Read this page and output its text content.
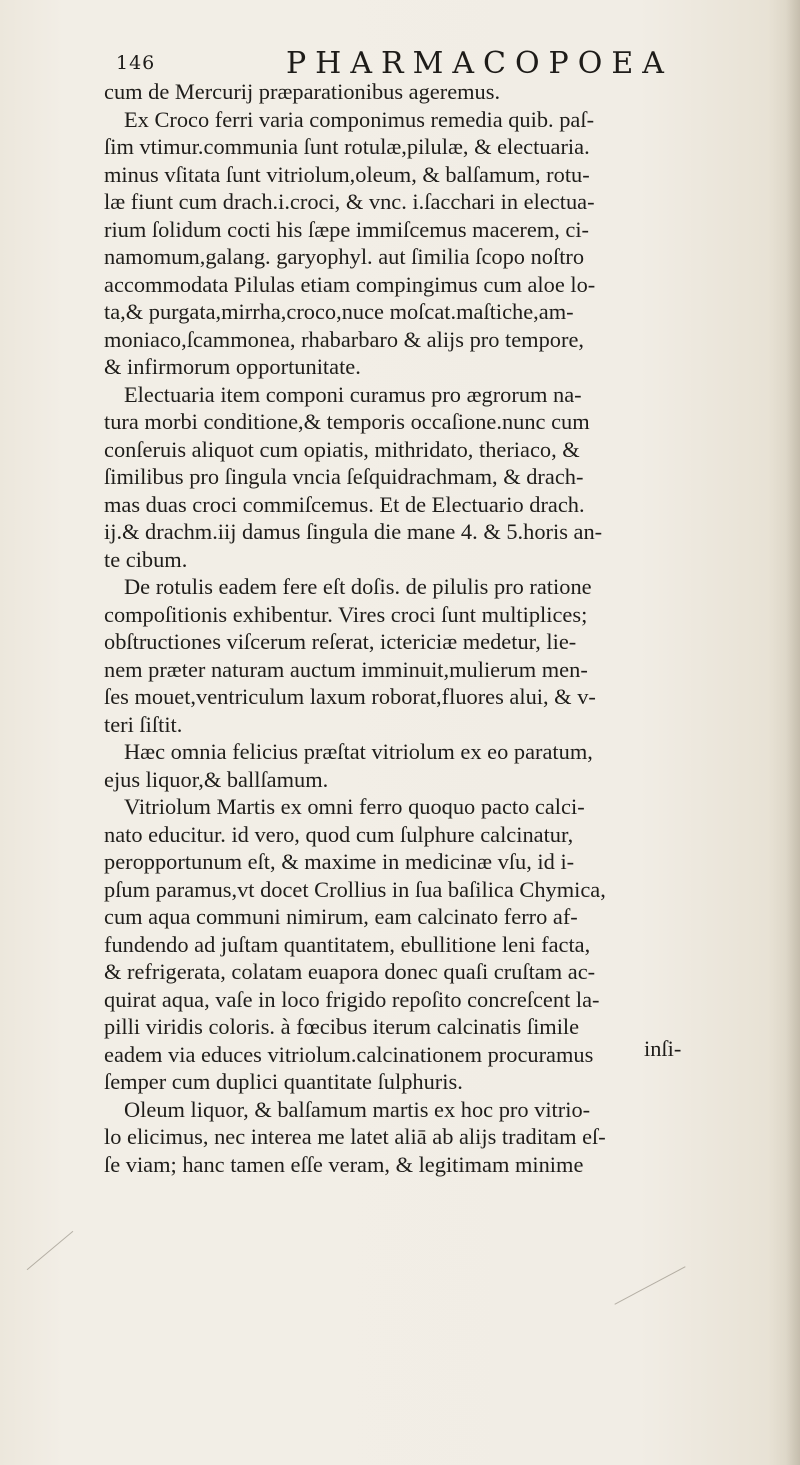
146	PHARMACOPOEA
cum de Mercurij præparationibus ageremus.
Ex Croco ferri varia componimus remedia quib. paſ-
ſim vtimur.communia ſunt rotulæ,pilulæ, & electuaria.
minus vſitata ſunt vitriolum,oleum, & balſamum, rotu-
læ fiunt cum drach.i.croci, & vnc. i.ſacchari in electua-
rium ſolidum cocti his ſæpe immiſcemus macerem, ci-
namomum,galang. garyophyl. aut ſimilia ſcopo noſtro
accommodata Pilulas etiam compingimus cum aloe lo-
ta,& purgata,mirrha,croco,nuce moſcat.maſtiche,am-
moniaco,ſcammonea, rhabarbaro & alijs pro tempore,
& infirmorum opportunitate.
Electuaria item componi curamus pro ægrorum na-
tura morbi conditione,& temporis occaſione.nunc cum
conſeruis aliquot cum opiatis, mithridato, theriaco, &
ſimilibus pro ſingula vncia ſeſquidrachmam, & drach-
mas duas croci commiſcemus. Et de Electuario drach.
ij.& drachm.iij damus ſingula die mane 4. & 5.horis an-
te cibum.
De rotulis eadem fere eſt doſis. de pilulis pro ratione
compoſitionis exhibentur. Vires croci ſunt multiplices;
obſtructiones viſcerum reſerat, ictericiæ medetur, lie-
nem præter naturam auctum imminuit,mulierum men-
ſes mouet,ventriculum laxum roborat,fluores alui, & v-
teri ſiſtit.
Hæc omnia felicius præſtat vitriolum ex eo paratum,
ejus liquor,& ballſamum.
Vitriolum Martis ex omni ferro quoquo pacto calci-
nato educitur. id vero, quod cum ſulphure calcinatur,
peropportunum eſt, & maxime in medicinæ vſu, id i-
pſum paramus,vt docet Crollius in ſua baſilica Chymica,
cum aqua communi nimirum, eam calcinato ferro af-
fundendo ad juſtam quantitatem, ebullitione leni facta,
& refrigerata, colatam euapora donec quaſi cruſtam ac-
quirat aqua, vaſe in loco frigido repoſito concreſcent la-
pilli viridis coloris. à fœcibus iterum calcinatis ſimile
eadem via educes vitriolum.calcinationem procuramus
ſemper cum duplici quantitate ſulphuris.
Oleum liquor, & balſamum martis ex hoc pro vitrio-
lo elicimus, nec interea me latet aliā ab alijs traditam eſ-
ſe viam; hanc tamen eſſe veram, & legitimam minime
inſi-
